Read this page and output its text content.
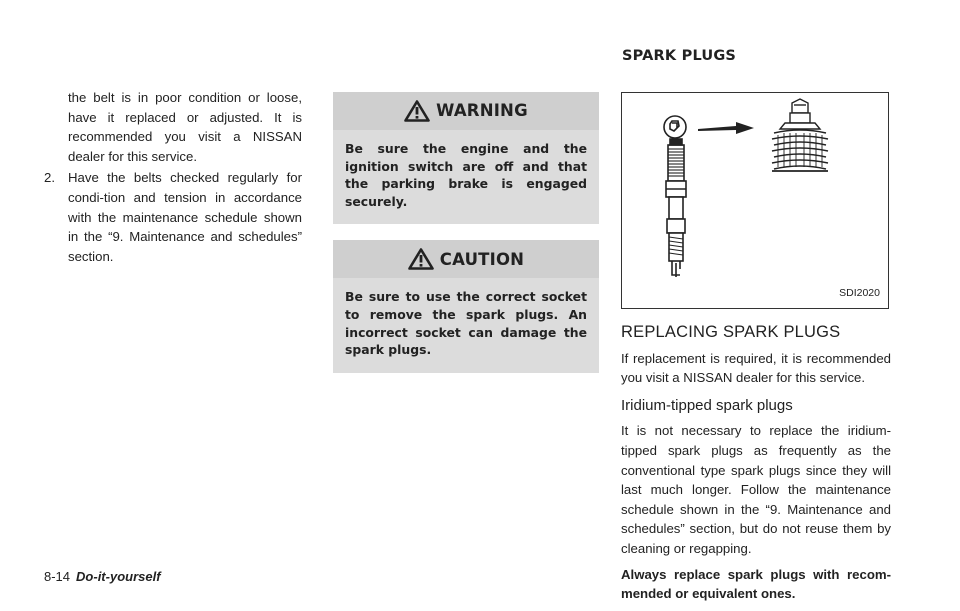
SPARK PLUGS

the belt is in poor condition or loose, have it replaced or adjusted. It is recommended you visit a NISSAN dealer for this service.

2. Have the belts checked regularly for condi-tion and tension in accordance with the maintenance schedule shown in the “9. Maintenance and schedules” section.
WARNING
Be sure the engine and the ignition switch are off and that the parking brake is engaged securely.
CAUTION
Be sure to use the correct socket to remove the spark plugs. An incorrect socket can damage the spark plugs.
SDI2020
REPLACING SPARK PLUGS

If replacement is required, it is recommended you visit a NISSAN dealer for this service.

Iridium-tipped spark plugs

It is not necessary to replace the iridium-tipped spark plugs as frequently as the conventional type spark plugs since they will last much longer. Follow the maintenance schedule shown in the “9. Maintenance and schedules” section, but do not reuse them by cleaning or regapping.

Always replace spark plugs with recom-mended or equivalent ones.

8-14 Do-it-yourself
